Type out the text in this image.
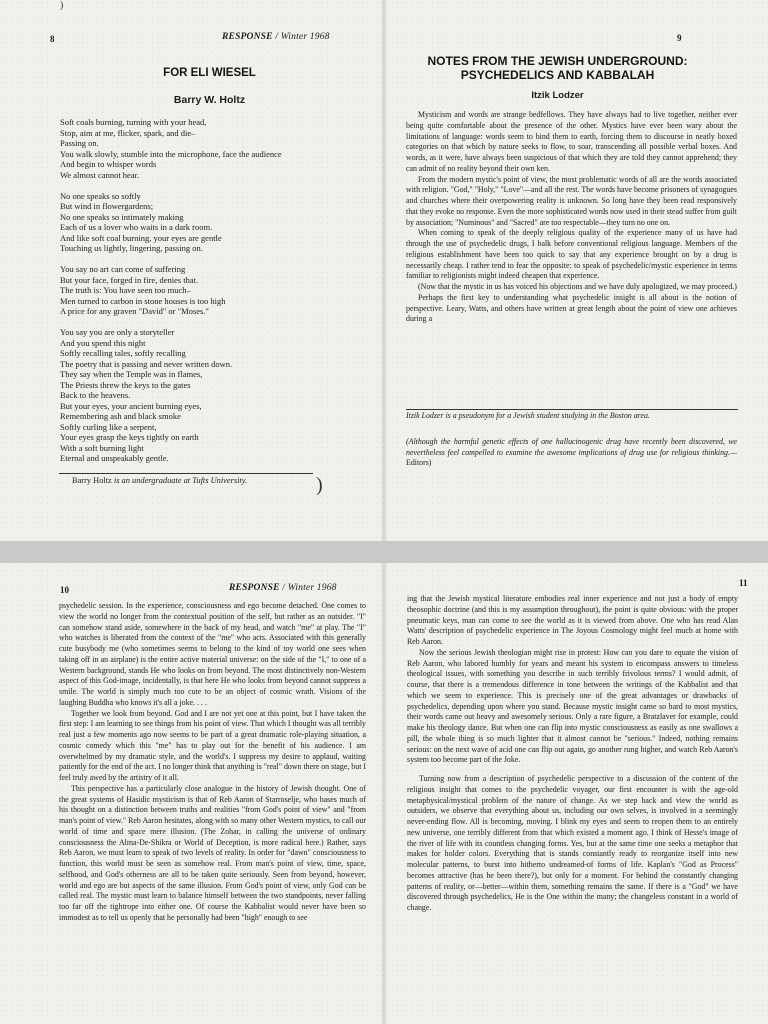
)
8	RESPONSE / Winter 1968
FOR ELI WIESEL
Barry W. Holtz
Soft coals burning, turning with your head,
Stop, aim at me, flicker, spark, and die–
Passing on.
You walk slowly, stumble into the microphone, face the audience
And begin to whisper words
We almost cannot hear.
No one speaks so softly
But wind in flowergardens;
No one speaks so intimately making
Each of us a lover who waits in a dark room.
And like soft coal burning, your eyes are gentle
Touching us lightly, lingering, passing on.
You say no art can come of suffering
But your face, forged in fire, denies that.
The truth is: You have seen too much–
Men turned to carbon in stone houses is too high
A price for any graven "David" or "Moses."
You say you are only a storyteller
And you spend this night
Softly recalling tales, softly recalling
The poetry that is passing and never written down.
They say when the Temple was in flames,
The Priests threw the keys to the gates
Back to the heavens.
But your eyes, your ancient burning eyes,
Remembering ash and black smoke
Softly curling like a serpent,
Your eyes grasp the keys tightly on earth
With a soft burning light
Eternal and unspeakably gentle.
Barry Holtz is an undergraduate at Tufts University.	)
9
NOTES FROM THE JEWISH UNDERGROUND:
PSYCHEDELICS AND KABBALAH
Itzik Lodzer

Mysticism and words are strange bedfellows. They have always had to live together, neither ever being quite comfortable about the presence of the other. Mystics have ever been wary about the limitations of language: words seem to bind them to earth, forcing them to discourse in neatly boxed categories on that which by nature seeks to flow, to soar, transcending all possible verbal boxes. And words, as it were, have always been suspicious of that which they are told they cannot apprehend; they can admit of no reality beyond their own ken.

From the modern mystic's point of view, the most problematic words of all are the words associated with religion. "God," "Holy," "Love"—and all the rest. The words have become prisoners of synagogues and churches where their overpowering reality is unknown. So long have they been read responsively that they evoke no response. Even the more sophisticated words now used in their stead suffer from guilt by association; "Numinous" and "Sacred" are too respectable—they turn no one on.

When coming to speak of the deeply religious quality of the experience many of us have had through the use of psychedelic drugs, I balk before conventional religious language. Members of the religious establishment have been too quick to say that any experience brought on by a drug is necessarily cheap. I rather tend to fear the opposite: to speak of psychedelic/mystic experience in terms familiar to religionists might indeed cheapen that experience.

(Now that the mystic in us has voiced his objections and we have duly apologized, we may proceed.)

Perhaps the first key to understanding what psychedelic insight is all about is the notion of perspective. Leary, Watts, and others have written at great length about the point of view one achieves during a

Itzik Lodzer is a pseudonym for a Jewish student studying in the Boston area.
(Although the harmful genetic effects of one hallucinogenic drug have recently been discovered, we nevertheless feel compelled to examine the awesome implications of drug use for religious thinking.— Editors)
10	RESPONSE / Winter 1968

psychedelic session. In the experience, consciousness and ego become detached. One comes to view the world no longer from the contextual position of the self, but rather as an outsider. "I" can somehow stand aside, somewhere in the back of my head, and watch "me" at play. The "I" who watches is liberated from the context of the "me" who acts. Associated with this generally cute busybody me (who sometimes seems to belong to the kind of toy world one sees when taking off in an airplane) is the entire active material universe: on the side of the "I," to one of a Western background, stands He who looks on from beyond. The most distinctively non-Western aspect of this God-image, incidentally, is that here He who looks from beyond cannot suppress a smile. The world is simply much too cute to be an object of cosmic wrath. Visions of the laughing Buddha who knows it's all a joke. . . .

Together we look from beyond. God and I are not yet one at this point, but I have taken the first step: I am learning to see things from his point of view. That which I thought was all terribly real just a few moments ago now seems to be part of a great dramatic role-playing situation, a cosmic comedy which this "me" has to play out for the benefit of his audience. I am overwhelmed by my dramatic style, and the world's. I suppress my desire to applaud, waiting patiently for the end of the act. I no longer think that anything is "real" down there on stage, but I feel truly awed by the artistry of it all.

This perspective has a particularly close analogue in the history of Jewish thought. One of the great systems of Hasidic mysticism is that of Reb Aaron of Starroselje, who bases much of his thought on a distinction between truths and realities "from God's point of view" and "from man's point of view." Reb Aaron hesitates, along with so many other Western mystics, to call our world of time and space mere illusion. (The Zohar, in calling the universe of ordinary consciousness the Alma-De-Shikra or World of Deception, is more radical here.) Rather, says Reb Aaron, we must learn to speak of two levels of reality. In order for "dawn" consciousness to function, this world must be seen as somehow real. From man's point of view, time, space, selfhood, and God's otherness are all to be taken quite seriously. Seen from beyond, however, world and ego are but aspects of the same illusion. From God's point of view, only God can be called real. The mystic must learn to balance himself between the two standpoints, never falling too far off the tightrope into either one. Of course the Kabbalist would never have been so immodest as to tell us openly that he personally had been "high" enough to see

11

ing that the Jewish mystical literature embodies real inner experience and not just a body of empty theosophic doctrine (and this is my assumption throughout), the point is quite obvious: with the proper pneumatic keys, man can come to see the world as it is viewed from above. One who has read Alan Watts' description of psychedelic experience in The Joyous Cosmology might feel much at home with Reb Aaron.

Now the serious Jewish theologian might rise in protest: How can you dare to equate the vision of Reb Aaron, who labored humbly for years and meant his system to encompass answers to timeless theological issues, with something you describe in such terribly frivolous terms? I would admit, of course, that there is a tremendous difference in tone between the writings of the Kabbalist and that which we seem to experience. This is precisely one of the great advantages or drawbacks of psychedelics, depending upon where you stand. Because mystic insight came so hard to most mystics, their words came out heavy and awesomely serious. Only a rare figure, a Bratzlaver for example, could make his theology dance. But when one can flip into mystic consciousness as easily as one swallows a pill, the whole thing is so much lighter that it almost cannot be "serious." Indeed, nothing remains serious: on the next wave of acid one can flip out again, go another rung higher, and watch Reb Aaron's system too become part of the Joke.

Turning now from a description of psychedelic perspective to a discussion of the content of the religious insight that comes to the psychedelic voyager, our first encounter is with the age-old metaphysical/mystical problem of the nature of change. As we step back and view the world as outsiders, we observe that everything about us, including our own selves, is involved in a seemingly never-ending flow. All is becoming, moving. I blink my eyes and seem to reopen them to an entirely new universe, one terribly different from that which existed a moment ago. I think of Hesse's image of the river of life with its countless changing forms. Yes, but at the same time one seeks a metaphor that makes for holder colors. Everything that is stands constantly ready to reorganize itself into new molecular patterns, to burst into hitherto undreamed-of forms of life. Kaplan's "God as Process" becomes attractive (has he been there?), but only for a moment. For behind the constantly changing patterns of reality, or—better—within them, something remains the same. If there is a "God" we have discovered through psychedelics, He is the One within the many; the changeless constant in a world of change.
